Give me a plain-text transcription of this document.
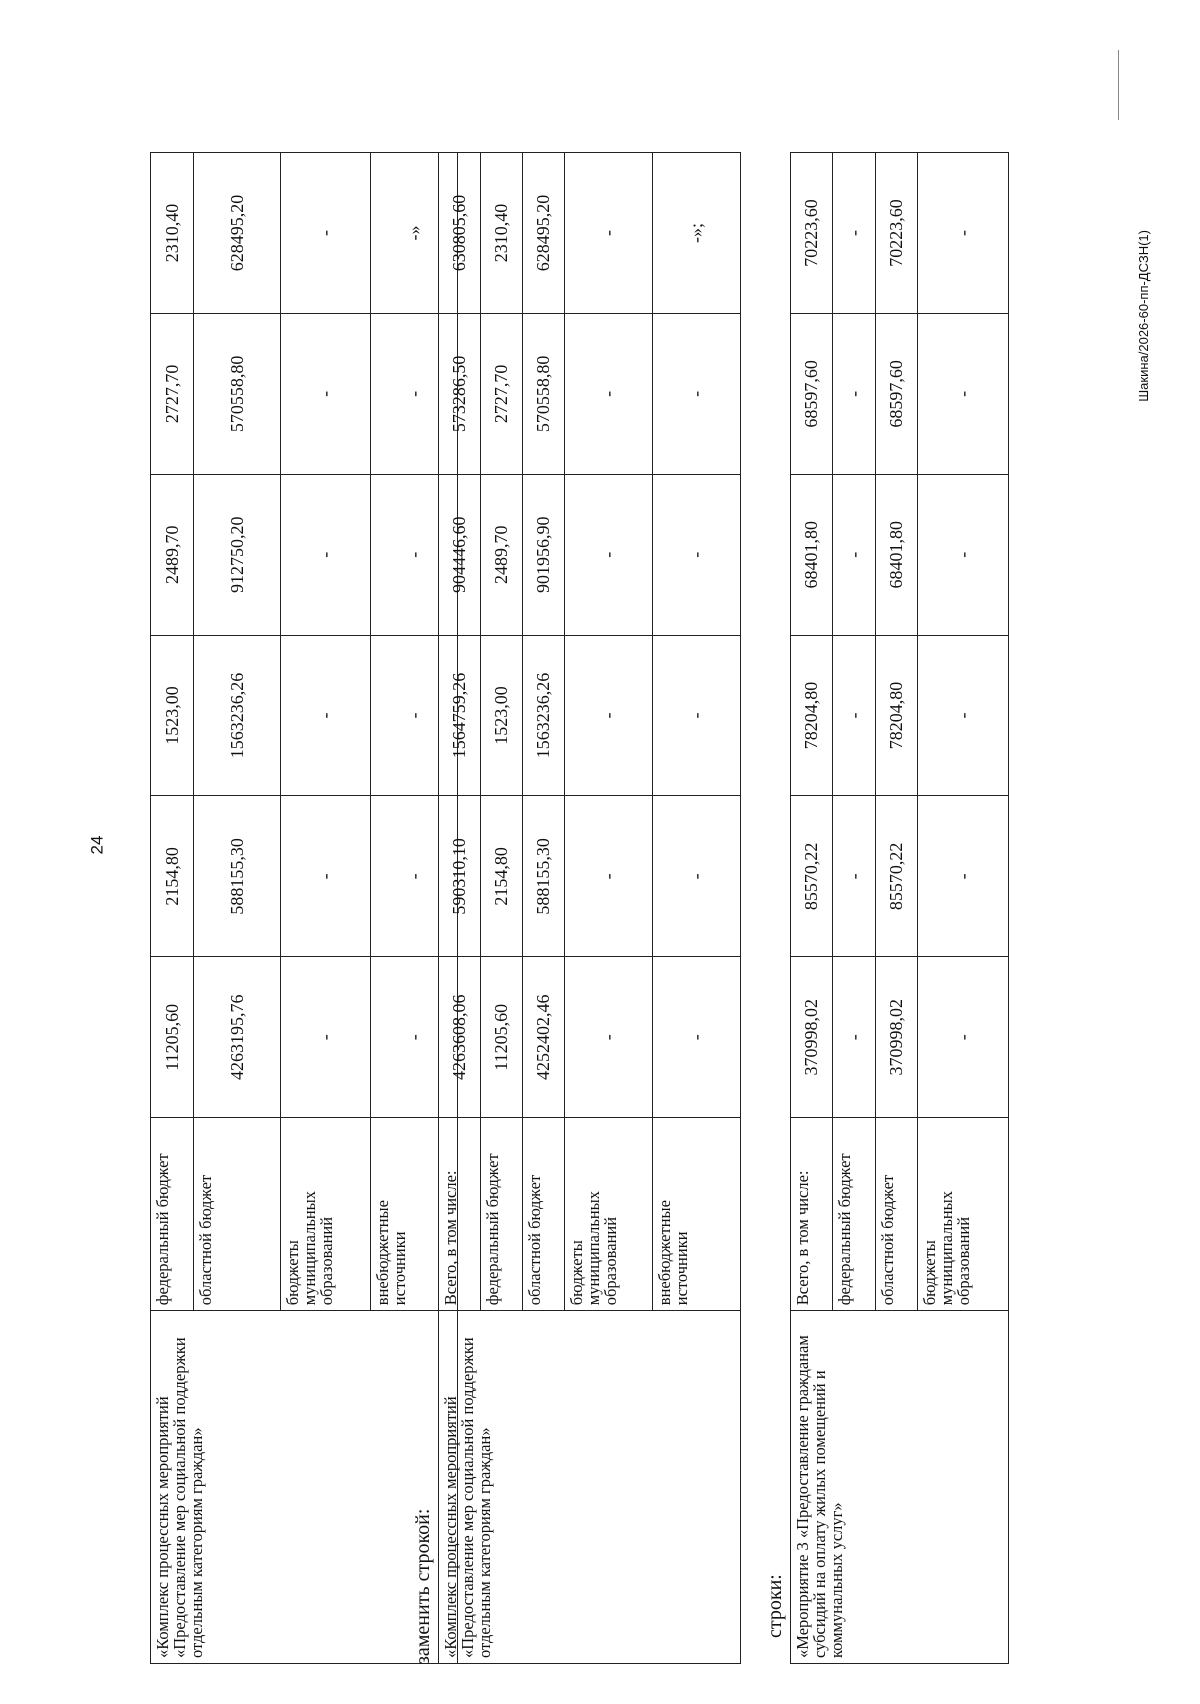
24
Шакина/2026-60-пп-ДСЗН(1)
«Комплекс процессных мероприятий «Предоставление мер социальной поддержки отдельным категориям граждан»	федеральный бюджет	11205,60	2154,80	1523,00	2489,70	2727,70	2310,40
	областной бюджет	4263195,76	588155,30	1563236,26	912750,20	570558,80	628495,20
	бюджеты муниципальных образований	-	-	-	-	-	-
	внебюджетные источники	-	-	-	-	-	-»
заменить строкой: «Комплекс процессных мероприятий «Предоставление мер социальной поддержки отдельным категориям граждан»	Всего, в том числе:	4263608,06	590310,10	1564759,26	904446,60	573286,50	630805,60
	федеральный бюджет	11205,60	2154,80	1523,00	2489,70	2727,70	2310,40
	областной бюджет	4252402,46	588155,30	1563236,26	901956,90	570558,80	628495,20
	бюджеты муниципальных образований	-	-	-	-	-	-
	внебюджетные источники	-	-	-	-	-	-»;
строки: «Мероприятие 3 «Предоставление гражданам субсидий на оплату жилых помещений и коммунальных услуг»	Всего, в том числе:	370998,02	85570,22	78204,80	68401,80	68597,60	70223,60
	федеральный бюджет	-	-	-	-	-	-
	областной бюджет	370998,02	85570,22	78204,80	68401,80	68597,60	70223,60
	бюджеты муниципальных образований	-	-	-	-	-	-
